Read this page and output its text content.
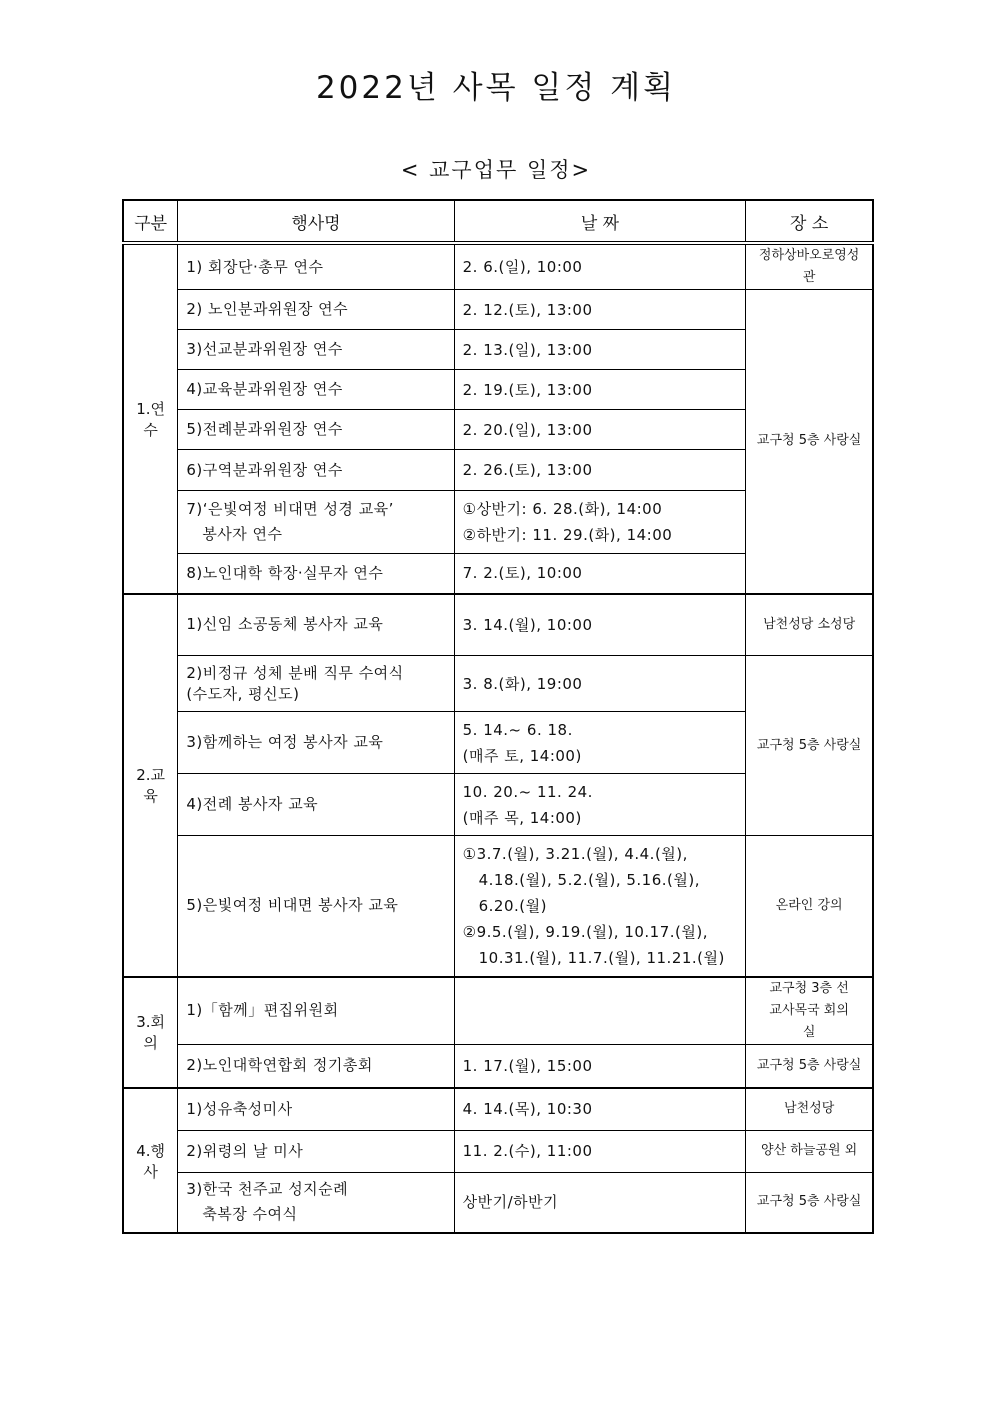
2022년 사목 일정 계획
< 교구업무 일정>
구분	행사명	날 짜	장 소
1.연수	1) 회장단·총무 연수	2. 6.(일), 10:00	정하상바오로영성관

	2) 노인분과위원장 연수	2. 12.(토), 13:00	교구청 5층 사랑실

	3)선교분과위원장 연수	2. 13.(일), 13:00	

	4)교육분과위원장 연수	2. 19.(토), 13:00	

	5)전례분과위원장 연수	2. 20.(일), 13:00	

	6)구역분과위원장 연수	2. 26.(토), 13:00	

	7)‘은빛여정 비대면 성경 교육’
봉사자 연수	①상반기: 6. 28.(화), 14:00
②하반기: 11. 29.(화), 14:00	

	8)노인대학 학장·실무자 연수	7. 2.(토), 10:00	

2.교육	1)신임 소공동체 봉사자 교육	3. 14.(월), 10:00	남천성당 소성당

	2)비정규 성체 분배 직무 수여식
(수도자, 평신도)	3. 8.(화), 19:00	교구청 5층 사랑실

	3)함께하는 여정 봉사자 교육	5. 14.~ 6. 18.
(매주 토, 14:00)	

	4)전례 봉사자 교육	10. 20.~ 11. 24.
(매주 목, 14:00)	

	5)은빛여정 비대면 봉사자 교육	①3.7.(월), 3.21.(월), 4.4.(월),
4.18.(월), 5.2.(월), 5.16.(월),
6.20.(월)
②9.5.(월), 9.19.(월), 10.17.(월),
10.31.(월), 11.7.(월), 11.21.(월)	온라인 강의
3.회의	1)「함께」편집위원회		교구청 3층 선교사목국 회의실

	2)노인대학연합회 정기총회	1. 17.(월), 15:00	교구청 5층 사랑실
4.행사	1)성유축성미사	4. 14.(목), 10:30	남천성당

	2)위령의 날 미사	11. 2.(수), 11:00	양산 하늘공원 외

	3)한국 천주교 성지순례
축복장 수여식	상반기/하반기	교구청 5층 사랑실
